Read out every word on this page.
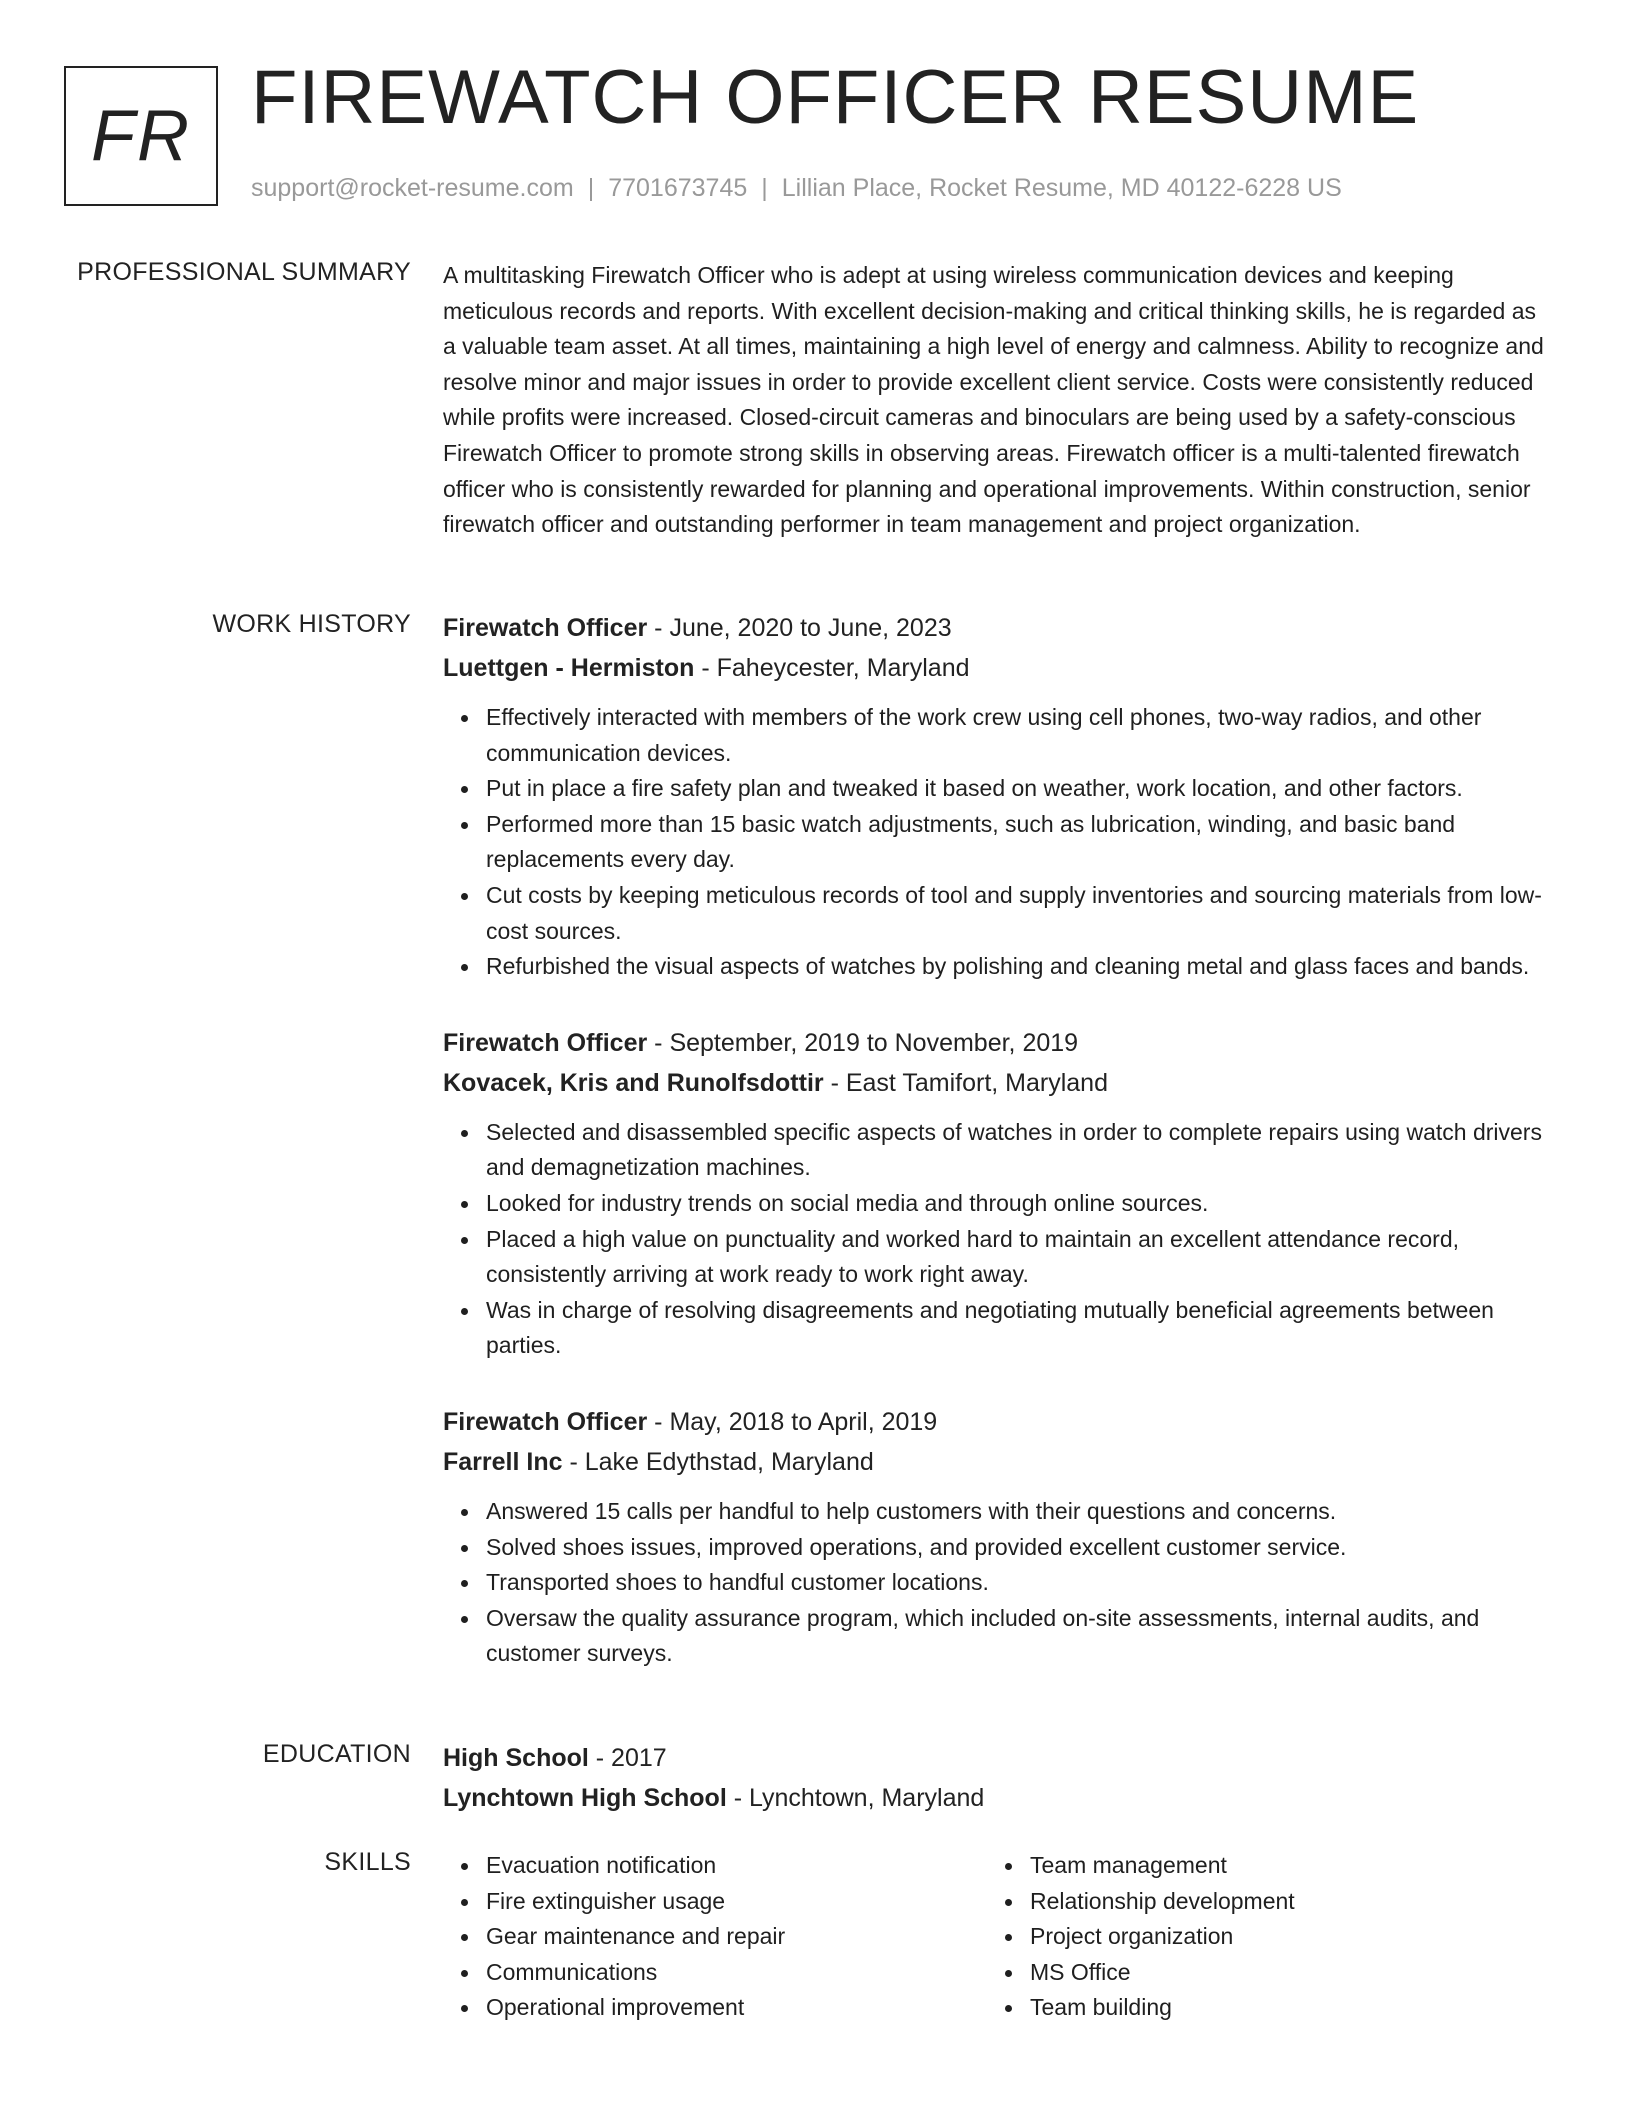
FR FIREWATCH OFFICER RESUME
support@rocket-resume.com | 7701673745 | Lillian Place, Rocket Resume, MD 40122-6228 US
PROFESSIONAL SUMMARY A multitasking Firewatch Officer who is adept at using wireless communication devices and keeping meticulous records and reports. With excellent decision-making and critical thinking skills, he is regarded as a valuable team asset. At all times, maintaining a high level of energy and calmness. Ability to recognize and resolve minor and major issues in order to provide excellent client service. Costs were consistently reduced while profits were increased. Closed-circuit cameras and binoculars are being used by a safety-conscious Firewatch Officer to promote strong skills in observing areas. Firewatch officer is a multi-talented firewatch officer who is consistently rewarded for planning and operational improvements. Within construction, senior firewatch officer and outstanding performer in team management and project organization.
WORK HISTORY Firewatch Officer - June, 2020 to June, 2023
Luettgen - Hermiston - Faheycester, Maryland
Effectively interacted with members of the work crew using cell phones, two-way radios, and other communication devices.
Put in place a fire safety plan and tweaked it based on weather, work location, and other factors.
Performed more than 15 basic watch adjustments, such as lubrication, winding, and basic band replacements every day.
Cut costs by keeping meticulous records of tool and supply inventories and sourcing materials from low-cost sources.
Refurbished the visual aspects of watches by polishing and cleaning metal and glass faces and bands.
Firewatch Officer - September, 2019 to November, 2019
Kovacek, Kris and Runolfsdottir - East Tamifort, Maryland
Selected and disassembled specific aspects of watches in order to complete repairs using watch drivers and demagnetization machines.
Looked for industry trends on social media and through online sources.
Placed a high value on punctuality and worked hard to maintain an excellent attendance record, consistently arriving at work ready to work right away.
Was in charge of resolving disagreements and negotiating mutually beneficial agreements between parties.
Firewatch Officer - May, 2018 to April, 2019
Farrell Inc - Lake Edythstad, Maryland
Answered 15 calls per handful to help customers with their questions and concerns.
Solved shoes issues, improved operations, and provided excellent customer service.
Transported shoes to handful customer locations.
Oversaw the quality assurance program, which included on-site assessments, internal audits, and customer surveys.
EDUCATION High School - 2017
Lynchtown High School - Lynchtown, Maryland
SKILLS	Evacuation notification
Fire extinguisher usage
Gear maintenance and repair
Communications
Operational improvement
Team management
Relationship development
Project organization
MS Office
Team building
